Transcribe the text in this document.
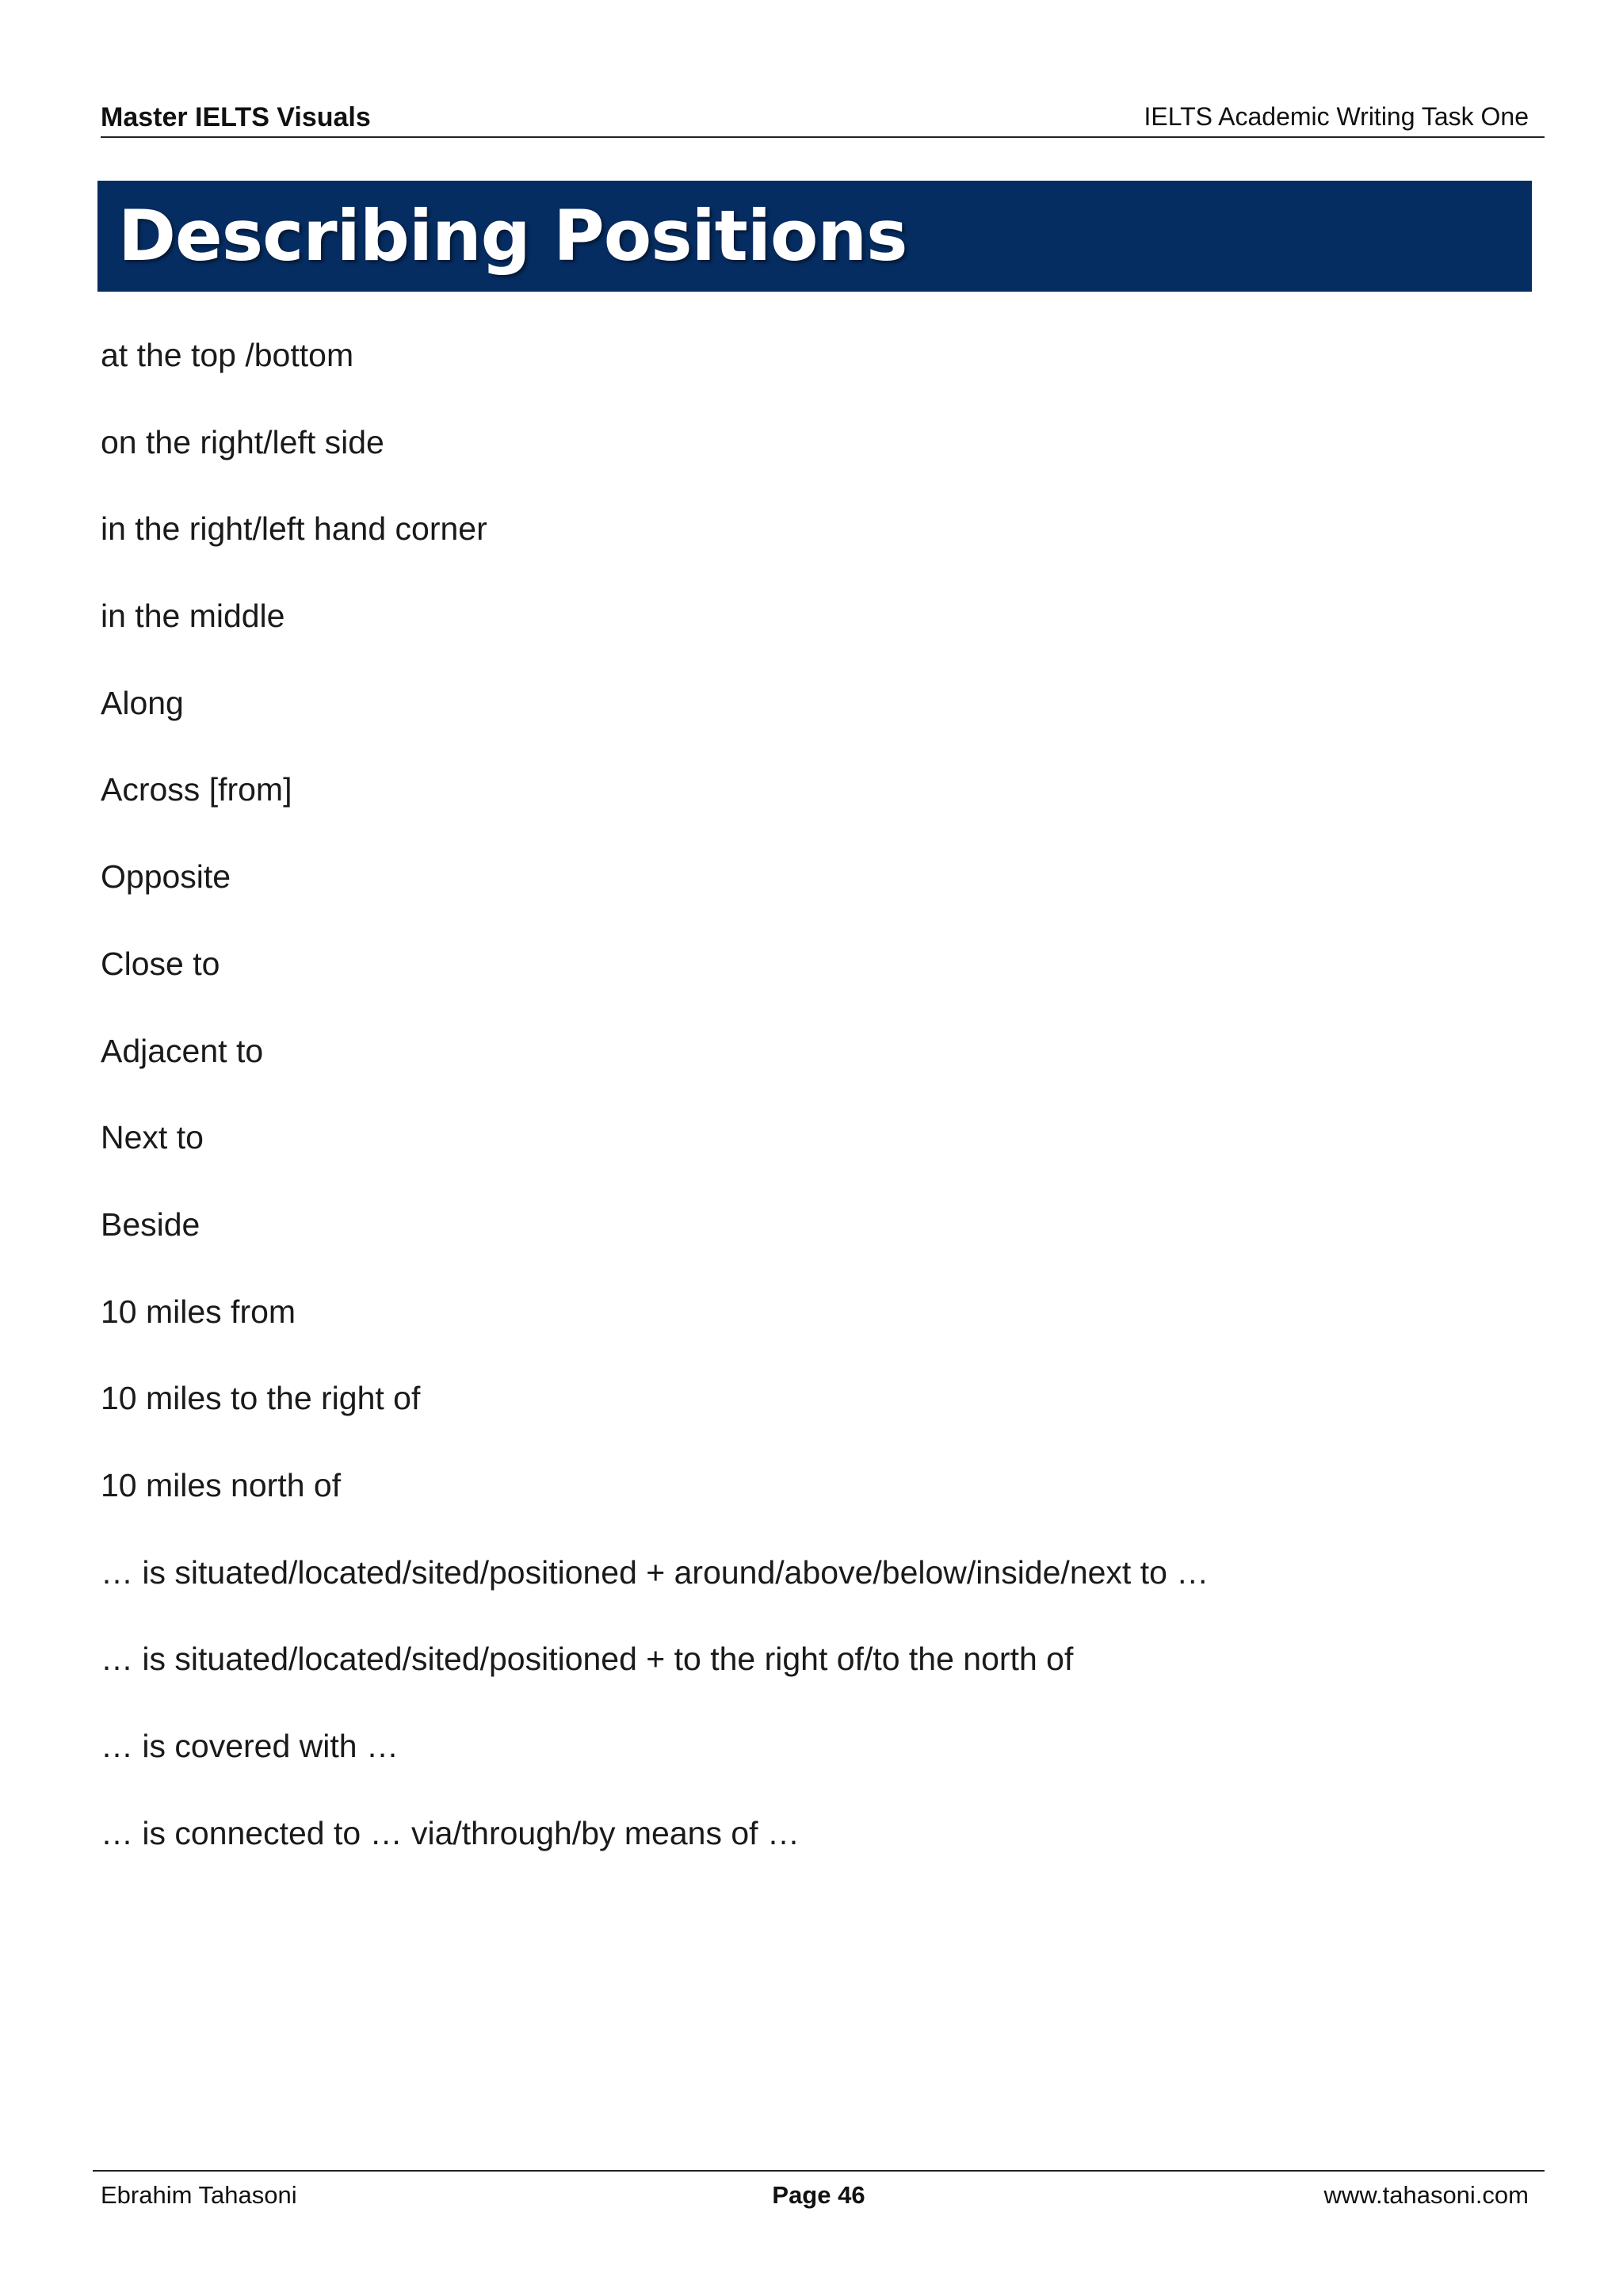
Master IELTS Visuals	IELTS Academic Writing Task One
Describing Positions
at the top /bottom
on the right/left side
in the right/left hand corner
in the middle
Along
Across [from]
Opposite
Close to
Adjacent to
Next to
Beside
10 miles from
10 miles to the right of
10 miles north of
… is situated/located/sited/positioned + around/above/below/inside/next to …
… is situated/located/sited/positioned + to the right of/to the north of
… is covered with …
… is connected to … via/through/by means of …
Ebrahim Tahasoni	Page 46	www.tahasoni.com
